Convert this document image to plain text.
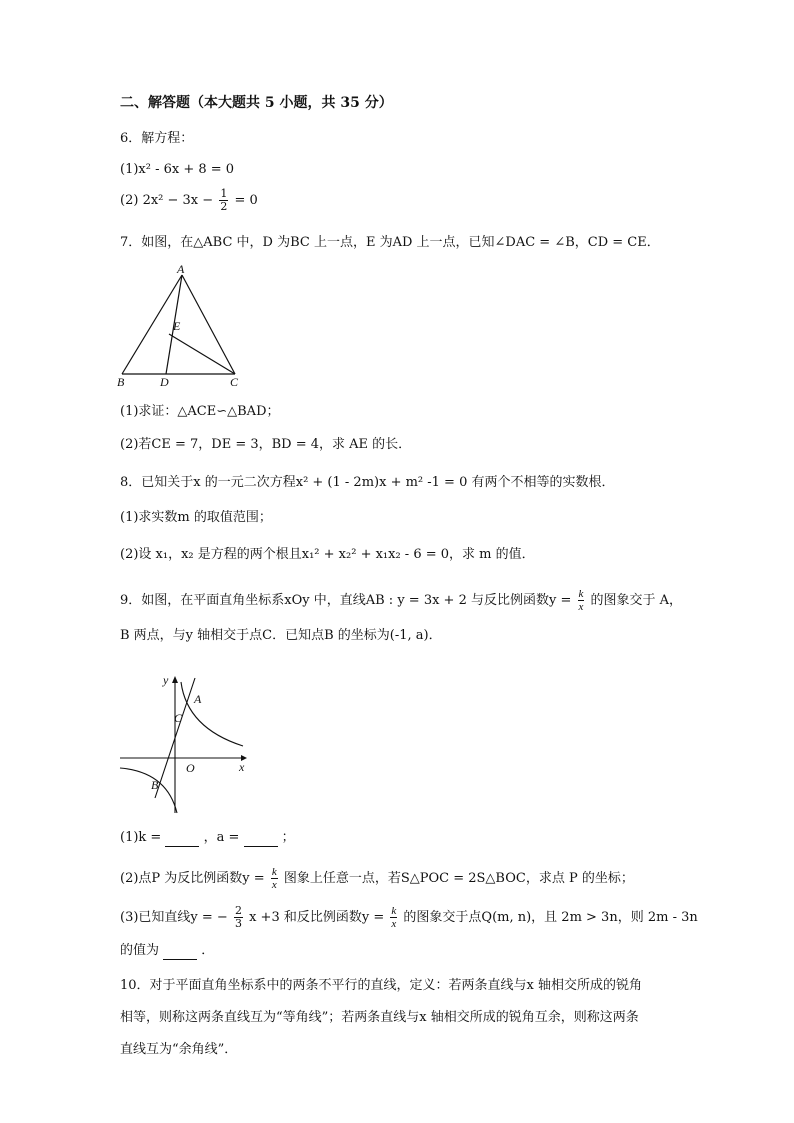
二、解答题（本大题共 5 小题，共 35 分）
6．解方程：
(1)x² - 6x + 8 = 0
(2) $2x^2 - 3x - \frac{1}{2} = 0$
7．如图，在△ABC 中，D 为BC 上一点，E 为AD 上一点，已知∠DAC = ∠B，CD = CE．
A
E
B	D	C
(1)求证：△ACE∽△BAD；
(2)若CE = 7，DE = 3，BD = 4，求 AE 的长．
8．已知关于x 的一元二次方程x² + (1 - 2m)x + m² -1 = 0 有两个不相等的实数根．
(1)求实数m 的取值范围；
(2)设 x₁，x₂ 是方程的两个根且x₁² + x₂² + x₁x₂ - 6 = 0，求 m 的值．
9．如图，在平面直角坐标系xOy 中，直线AB : y = 3x + 2 与反比例函数$y = \frac{k}{x}$ 的图象交于 A，
B 两点，与y 轴相交于点C．已知点B 的坐标为(-1, a)．
y
x
A
C
O
B
(1)k =	，a =	；
(2)点P 为反比例函数$y = \frac{k}{x}$ 图象上任意一点，若S△POC = 2S△BOC，求点 P 的坐标；
(3)已知直线y = − $\frac{2}{3}$ x +3 和反比例函数$y = \frac{k}{x}$ 的图象交于点Q(m, n)，且 2m > 3n，则 2m - 3n
的值为	．
10．对于平面直角坐标系中的两条不平行的直线，定义：若两条直线与x 轴相交所成的锐角
相等，则称这两条直线互为“等角线”；若两条直线与x 轴相交所成的锐角互余，则称这两条
直线互为“余角线”．
